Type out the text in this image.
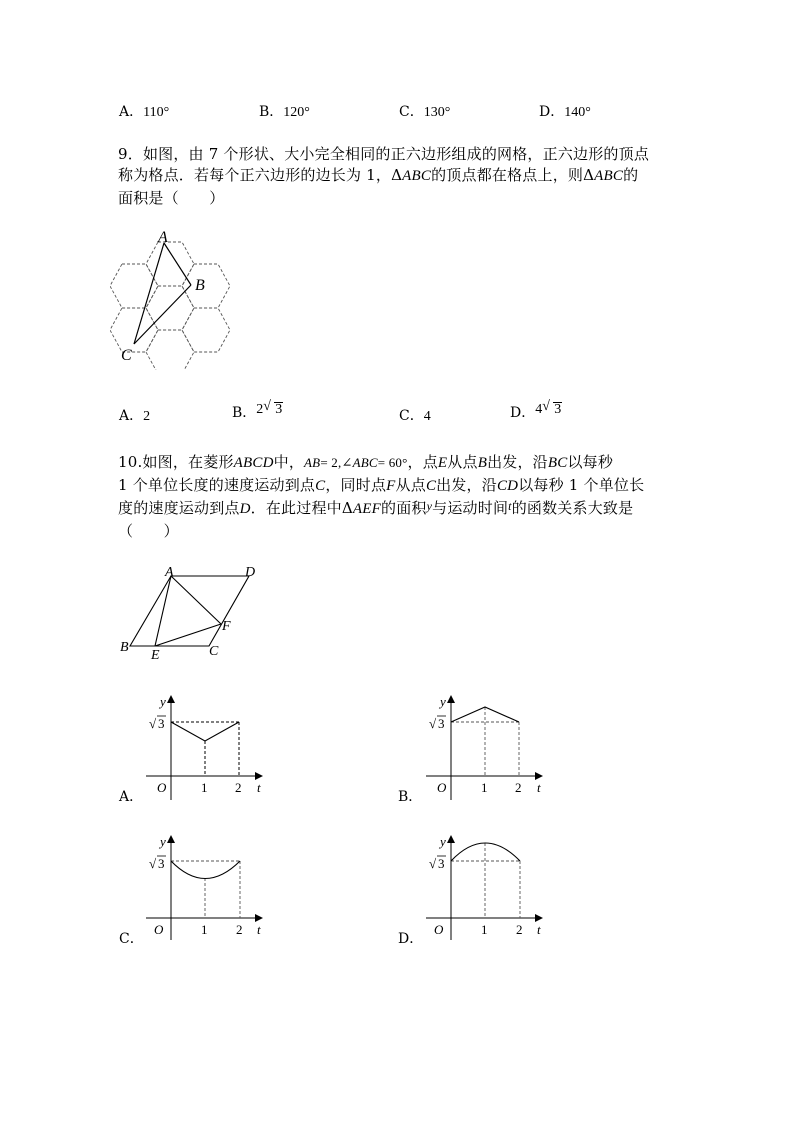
A．110°	B．120°	C．130°	D．140°
9．如图，由 7 个形状、大小完全相同的正六边形组成的网格，正六边形的顶点
称为格点．若每个正六边形的边长为 1，ΔABC的顶点都在格点上，则ΔABC的
面积是（　　）
A
B
C
A．2	B．2 √ 3	C．4	D．4 √ 3
10.如图，在菱形ABCD中，AB= 2,∠ABC= 60°，点E从点B出发，沿BC以每秒
1 个单位长度的速度运动到点C，同时点F从点C出发，沿CD以每秒 1 个单位长
度的速度运动到点D．在此过程中ΔAEF的面积$^y$与运动时间$^t$的函数关系大致是
（　　）
A	D
B
E	C
F
A．
y
t
O	1 2
√ 3
B．
y
t
O	1 2
√ 3
C．
y
t
O	1 2
√ 3
D．
y
t
O	1 2
√ 3
